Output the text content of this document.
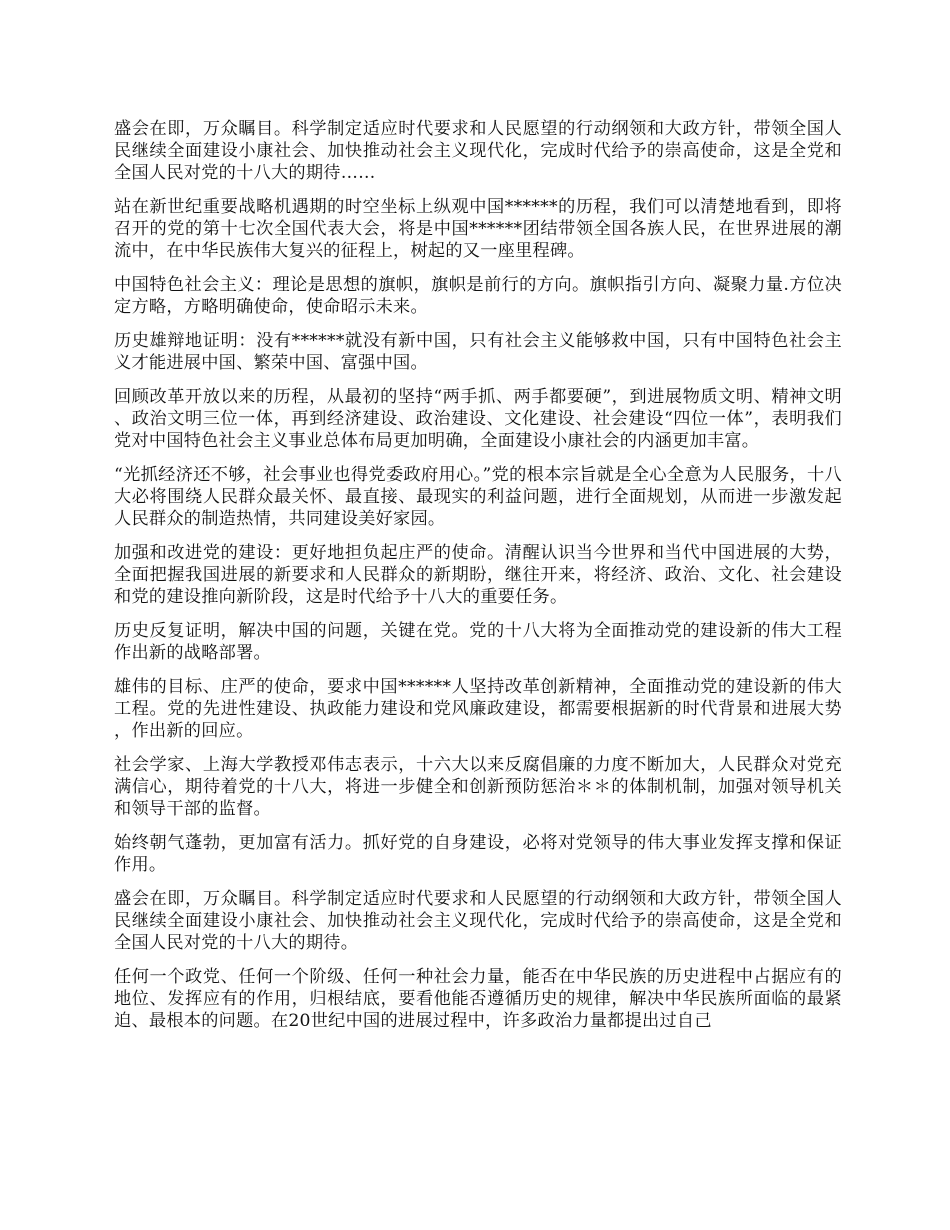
盛会在即，万众瞩目。科学制定适应时代要求和人民愿望的行动纲领和大政方针，带领全国人民继续全面建设小康社会、加快推动社会主义现代化，完成时代给予的崇高使命，这是全党和全国人民对党的十八大的期待……

站在新世纪重要战略机遇期的时空坐标上纵观中国******的历程，我们可以清楚地看到，即将召开的党的第十七次全国代表大会，将是中国******团结带领全国各族人民，在世界进展的潮流中，在中华民族伟大复兴的征程上，树起的又一座里程碑。

中国特色社会主义：理论是思想的旗帜，旗帜是前行的方向。旗帜指引方向、凝聚力量.方位决定方略，方略明确使命，使命昭示未来。

历史雄辩地证明：没有******就没有新中国，只有社会主义能够救中国，只有中国特色社会主义才能进展中国、繁荣中国、富强中国。

回顾改革开放以来的历程，从最初的坚持“两手抓、两手都要硬”，到进展物质文明、精神文明、政治文明三位一体，再到经济建设、政治建设、文化建设、社会建设“四位一体”，表明我们党对中国特色社会主义事业总体布局更加明确，全面建设小康社会的内涵更加丰富。

“光抓经济还不够，社会事业也得党委政府用心。”党的根本宗旨就是全心全意为人民服务，十八大必将围绕人民群众最关怀、最直接、最现实的利益问题，进行全面规划，从而进一步激发起人民群众的制造热情，共同建设美好家园。

加强和改进党的建设：更好地担负起庄严的使命。清醒认识当今世界和当代中国进展的大势，全面把握我国进展的新要求和人民群众的新期盼，继往开来，将经济、政治、文化、社会建设和党的建设推向新阶段，这是时代给予十八大的重要任务。

历史反复证明，解决中国的问题，关键在党。党的十八大将为全面推动党的建设新的伟大工程作出新的战略部署。

雄伟的目标、庄严的使命，要求中国******人坚持改革创新精神，全面推动党的建设新的伟大工程。党的先进性建设、执政能力建设和党风廉政建设，都需要根据新的时代背景和进展大势，作出新的回应。

社会学家、上海大学教授邓伟志表示，十六大以来反腐倡廉的力度不断加大，人民群众对党充满信心，期待着党的十八大，将进一步健全和创新预防惩治＊＊的体制机制，加强对领导机关和领导干部的监督。

始终朝气蓬勃，更加富有活力。抓好党的自身建设，必将对党领导的伟大事业发挥支撑和保证作用。

盛会在即，万众瞩目。科学制定适应时代要求和人民愿望的行动纲领和大政方针，带领全国人民继续全面建设小康社会、加快推动社会主义现代化，完成时代给予的崇高使命，这是全党和全国人民对党的十八大的期待。

任何一个政党、任何一个阶级、任何一种社会力量，能否在中华民族的历史进程中占据应有的地位、发挥应有的作用，归根结底，要看他能否遵循历史的规律，解决中华民族所面临的最紧迫、最根本的问题。在20世纪中国的进展过程中，许多政治力量都提出过自己
